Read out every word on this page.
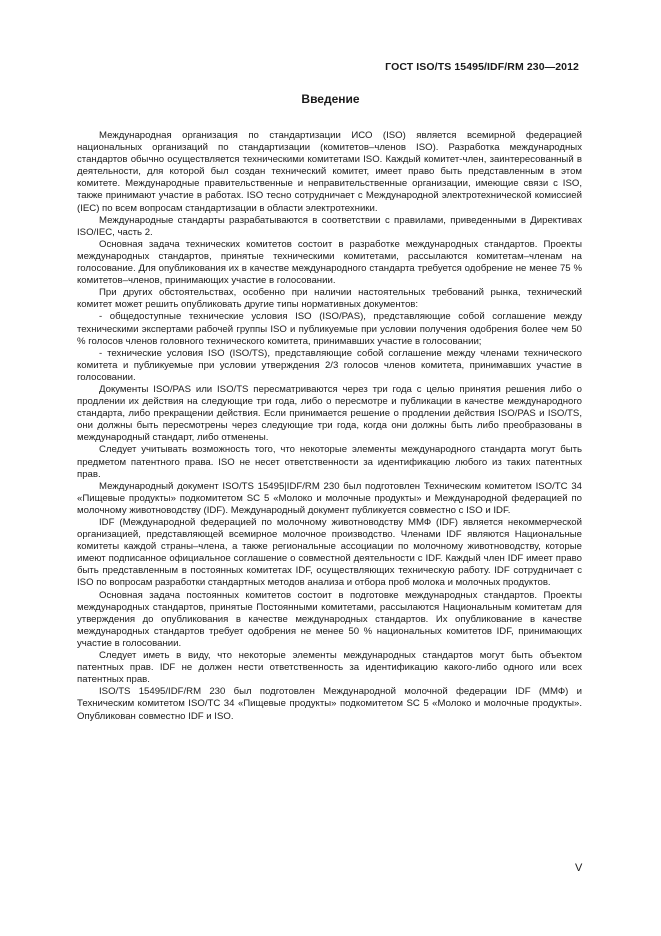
ГОСТ ISO/TS 15495/IDF/RM 230—2012
Введение

Международная организация по стандартизации ИСО (ISO) является всемирной федерацией национальных организаций по стандартизации (комитетов–членов ISO). Разработка международных стандартов обычно осуществляется техническими комитетами ISO. Каждый комитет-член, заинтересованный в деятельности, для которой был создан технический комитет, имеет право быть представленным в этом комитете. Международные правительственные и неправительственные организации, имеющие связи с ISO, также принимают участие в работах. ISO тесно сотрудничает с Международной электротехнической комиссией (IEC) по всем вопросам стандартизации в области электротехники.

Международные стандарты разрабатываются в соответствии с правилами, приведенными в Директивах ISO/IEC, часть 2.

Основная задача технических комитетов состоит в разработке международных стандартов. Проекты международных стандартов, принятые техническими комитетами, рассылаются комитетам–членам на голосование. Для опубликования их в качестве международного стандарта требуется одобрение не менее 75 % комитетов–членов, принимающих участие в голосовании.

При других обстоятельствах, особенно при наличии настоятельных требований рынка, технический комитет может решить опубликовать другие типы нормативных документов:

- общедоступные технические условия ISO (ISO/PAS), представляющие собой соглашение между техническими экспертами рабочей группы ISO и публикуемые при условии получения одобрения более чем 50 % голосов членов головного технического комитета, принимавших участие в голосовании;

- технические условия ISO (ISO/TS), представляющие собой соглашение между членами технического комитета и публикуемые при условии утверждения 2/3 голосов членов комитета, принимавших участие в голосовании.

Документы ISO/PAS или ISO/TS пересматриваются через три года с целью принятия решения либо о продлении их действия на следующие три года, либо о пересмотре и публикации в качестве международного стандарта, либо прекращении действия. Если принимается решение о продлении действия ISO/PAS и ISO/TS, они должны быть пересмотрены через следующие три года, когда они должны быть либо преобразованы в международный стандарт, либо отменены.

Следует учитывать возможность того, что некоторые элементы международного стандарта могут быть предметом патентного права. ISO не несет ответственности за идентификацию любого из таких патентных прав.

Международный документ ISO/TS 15495|IDF/RM 230 был подготовлен Техническим комитетом ISO/TC 34 «Пищевые продукты» подкомитетом SC 5 «Молоко и молочные продукты» и Международной федерацией по молочному животноводству (IDF). Международный документ публикуется совместно с ISO и IDF.

IDF (Международной федерацией по молочному животноводству ММФ (IDF) является некоммерческой организацией, представляющей всемирное молочное производство. Членами IDF являются Национальные комитеты каждой страны–члена, а также региональные ассоциации по молочному животноводству, которые имеют подписанное официальное соглашение о совместной деятельности с IDF. Каждый член IDF имеет право быть представленным в постоянных комитетах IDF, осуществляющих техническую работу. IDF сотрудничает с ISO по вопросам разработки стандартных методов анализа и отбора проб молока и молочных продуктов.

Основная задача постоянных комитетов состоит в подготовке международных стандартов. Проекты международных стандартов, принятые Постоянными комитетами, рассылаются Национальным комитетам для утверждения до опубликования в качестве международных стандартов. Их опубликование в качестве международных стандартов требует одобрения не менее 50 % национальных комитетов IDF, принимающих участие в голосовании.

Следует иметь в виду, что некоторые элементы международных стандартов могут быть объектом патентных прав. IDF не должен нести ответственность за идентификацию какого-либо одного или всех патентных прав.

ISO/TS 15495/IDF/RM 230 был подготовлен Международной молочной федерации IDF (ММФ) и Техническим комитетом ISO/TC 34 «Пищевые продукты» подкомитетом SC 5 «Молоко и молочные продукты». Опубликован совместно IDF и ISO.

V
